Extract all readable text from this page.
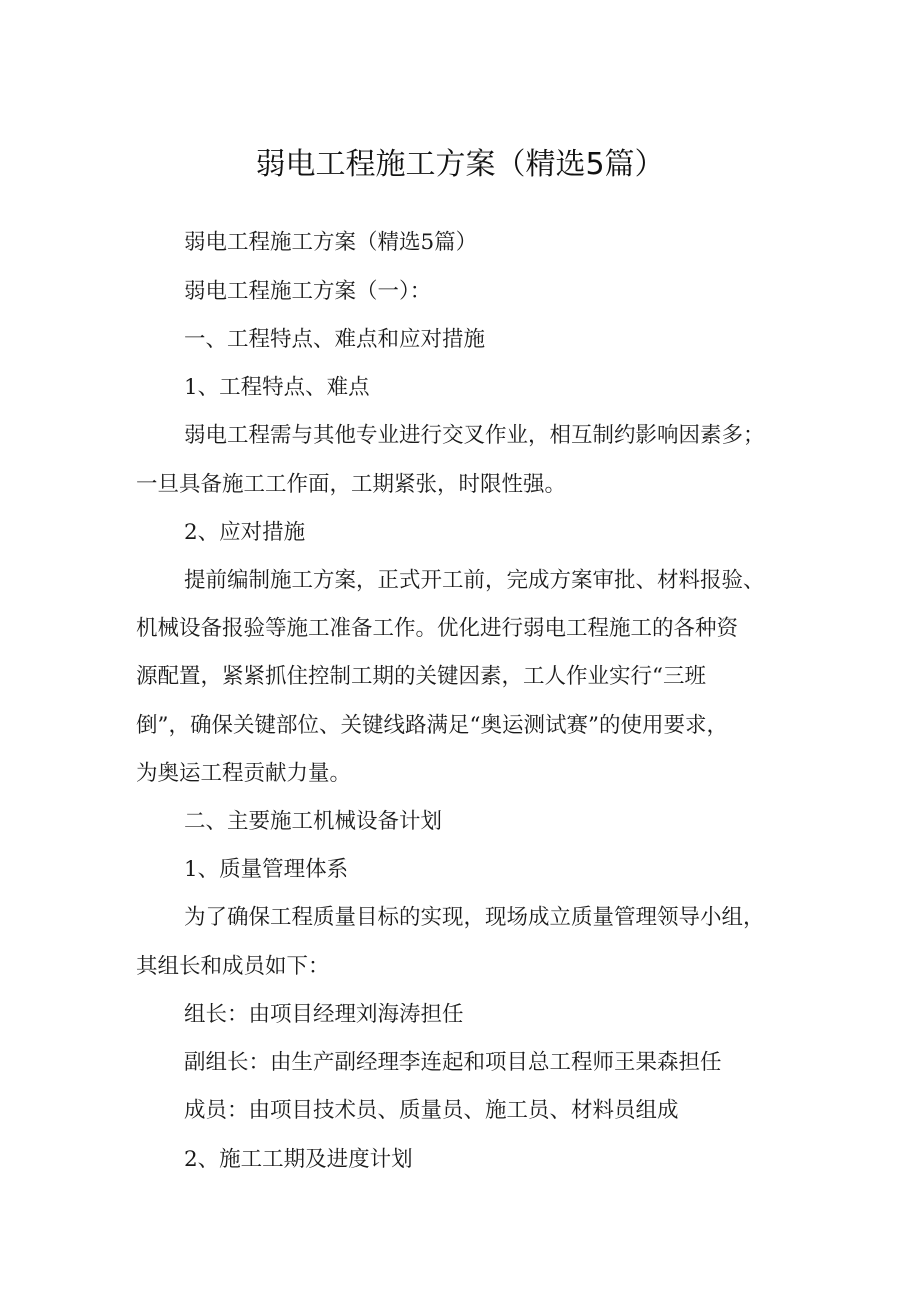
弱电工程施工方案（精选5篇）
弱电工程施工方案（精选5篇）
弱电工程施工方案（一）：
一、工程特点、难点和应对措施
1、工程特点、难点
弱电工程需与其他专业进行交叉作业，相互制约影响因素多；
一旦具备施工工作面，工期紧张，时限性强。
2、应对措施
提前编制施工方案，正式开工前，完成方案审批、材料报验、
机械设备报验等施工准备工作。优化进行弱电工程施工的各种资
源配置，紧紧抓住控制工期的关键因素，工人作业实行“三班
倒”，确保关键部位、关键线路满足“奥运测试赛”的使用要求，
为奥运工程贡献力量。
二、主要施工机械设备计划
1、质量管理体系
为了确保工程质量目标的实现，现场成立质量管理领导小组，
其组长和成员如下：
组长：由项目经理刘海涛担任
副组长：由生产副经理李连起和项目总工程师王果森担任
成员：由项目技术员、质量员、施工员、材料员组成
2、施工工期及进度计划
